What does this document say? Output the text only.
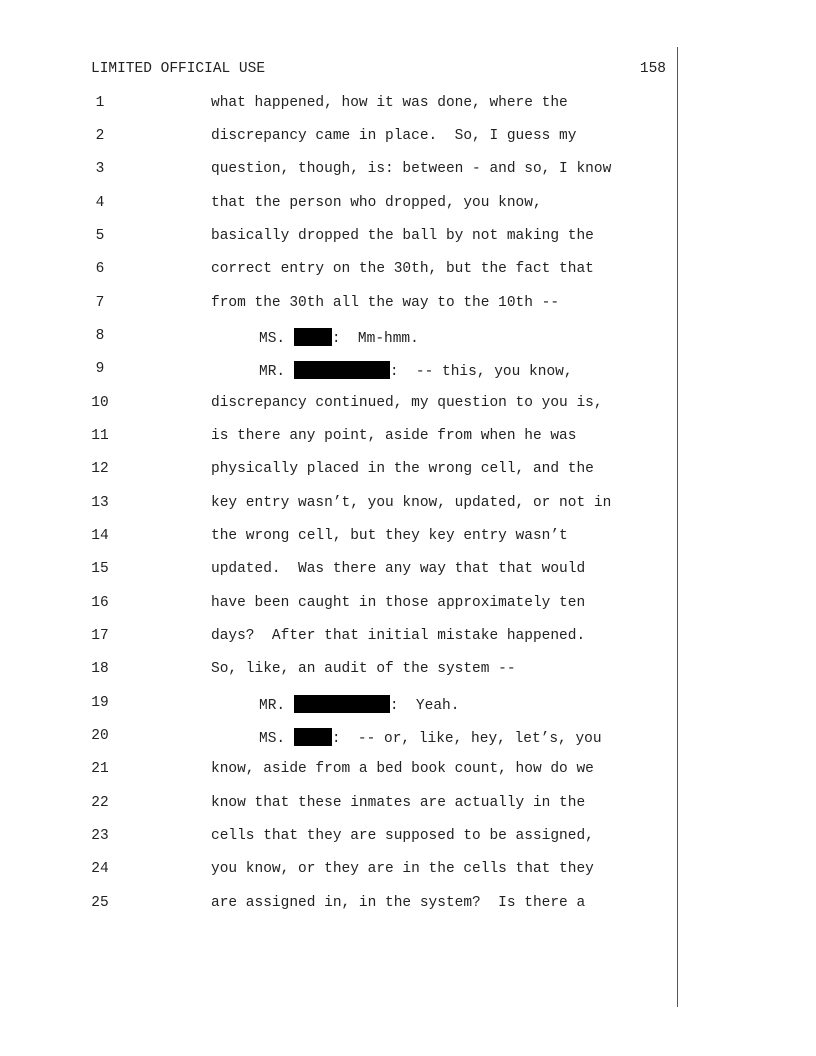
LIMITED OFFICIAL USE	158
1	what happened, how it was done, where the
2	discrepancy came in place.  So, I guess my
3	question, though, is: between - and so, I know
4	that the person who dropped, you know,
5	basically dropped the ball by not making the
6	correct entry on the 30th, but the fact that
7	from the 30th all the way to the 10th --
8	MS.	:  Mm-hmm.
9	MR.	:  -- this, you know,
10	discrepancy continued, my question to you is,
11	is there any point, aside from when he was
12	physically placed in the wrong cell, and the
13	key entry wasn’t, you know, updated, or not in
14	the wrong cell, but they key entry wasn’t
15	updated.  Was there any way that that would
16	have been caught in those approximately ten
17	days?  After that initial mistake happened.
18	So, like, an audit of the system --
19	MR.	:  Yeah.
20	MS.	:  -- or, like, hey, let’s, you
21	know, aside from a bed book count, how do we
22	know that these inmates are actually in the
23	cells that they are supposed to be assigned,
24	you know, or they are in the cells that they
25	are assigned in, in the system?  Is there a
